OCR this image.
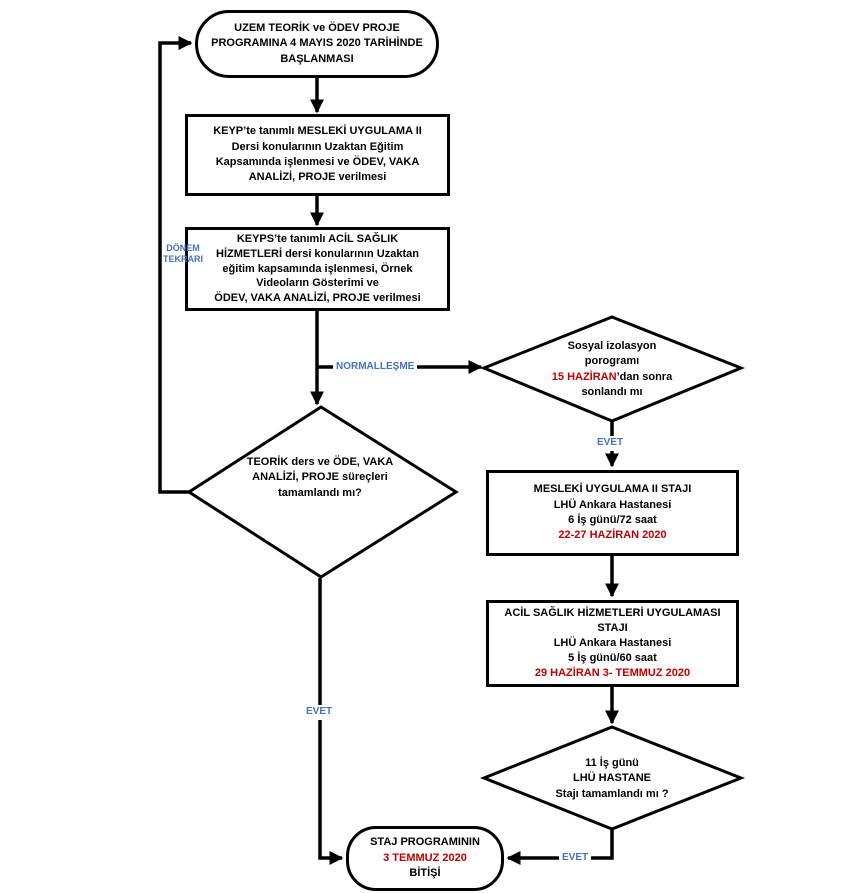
UZEM TEORİK ve ÖDEV PROJE
PROGRAMINA 4 MAYIS 2020 TARİHİNDE
BAŞLANMASI
KEYP’te tanımlı MESLEKİ UYGULAMA II
Dersi konularının Uzaktan Eğitim
Kapsamında işlenmesi ve ÖDEV, VAKA
ANALİZİ, PROJE verilmesi
KEYPS’te tanımlı ACİL SAĞLIK
HİZMETLERİ dersi konularının Uzaktan
eğitim kapsamında işlenmesi, Örnek
Videoların Gösterimi ve
ÖDEV, VAKA ANALİZİ, PROJE verilmesi
Sosyal izolasyon
porogramı
15 HAZİRAN’dan sonra
sonlandı mı
TEORİK ders ve ÖDE, VAKA
ANALİZİ, PROJE süreçleri
tamamlandı mı?	MESLEKİ UYGULAMA II STAJI
LHÜ Ankara Hastanesi
6 İş günü/72 saat
22-27 HAZİRAN 2020
ACİL SAĞLIK HİZMETLERİ UYGULAMASI
STAJI
LHÜ Ankara Hastanesi
5 İş günü/60 saat
29 HAZİRAN 3- TEMMUZ 2020
11 İş günü
LHÜ HASTANE
Stajı tamamlandı mı ?
STAJ PROGRAMININ
3 TEMMUZ 2020
BİTİŞİ
DÖNEM
TEKRARI
NORMALLEŞME
EVET
EVET
EVET
